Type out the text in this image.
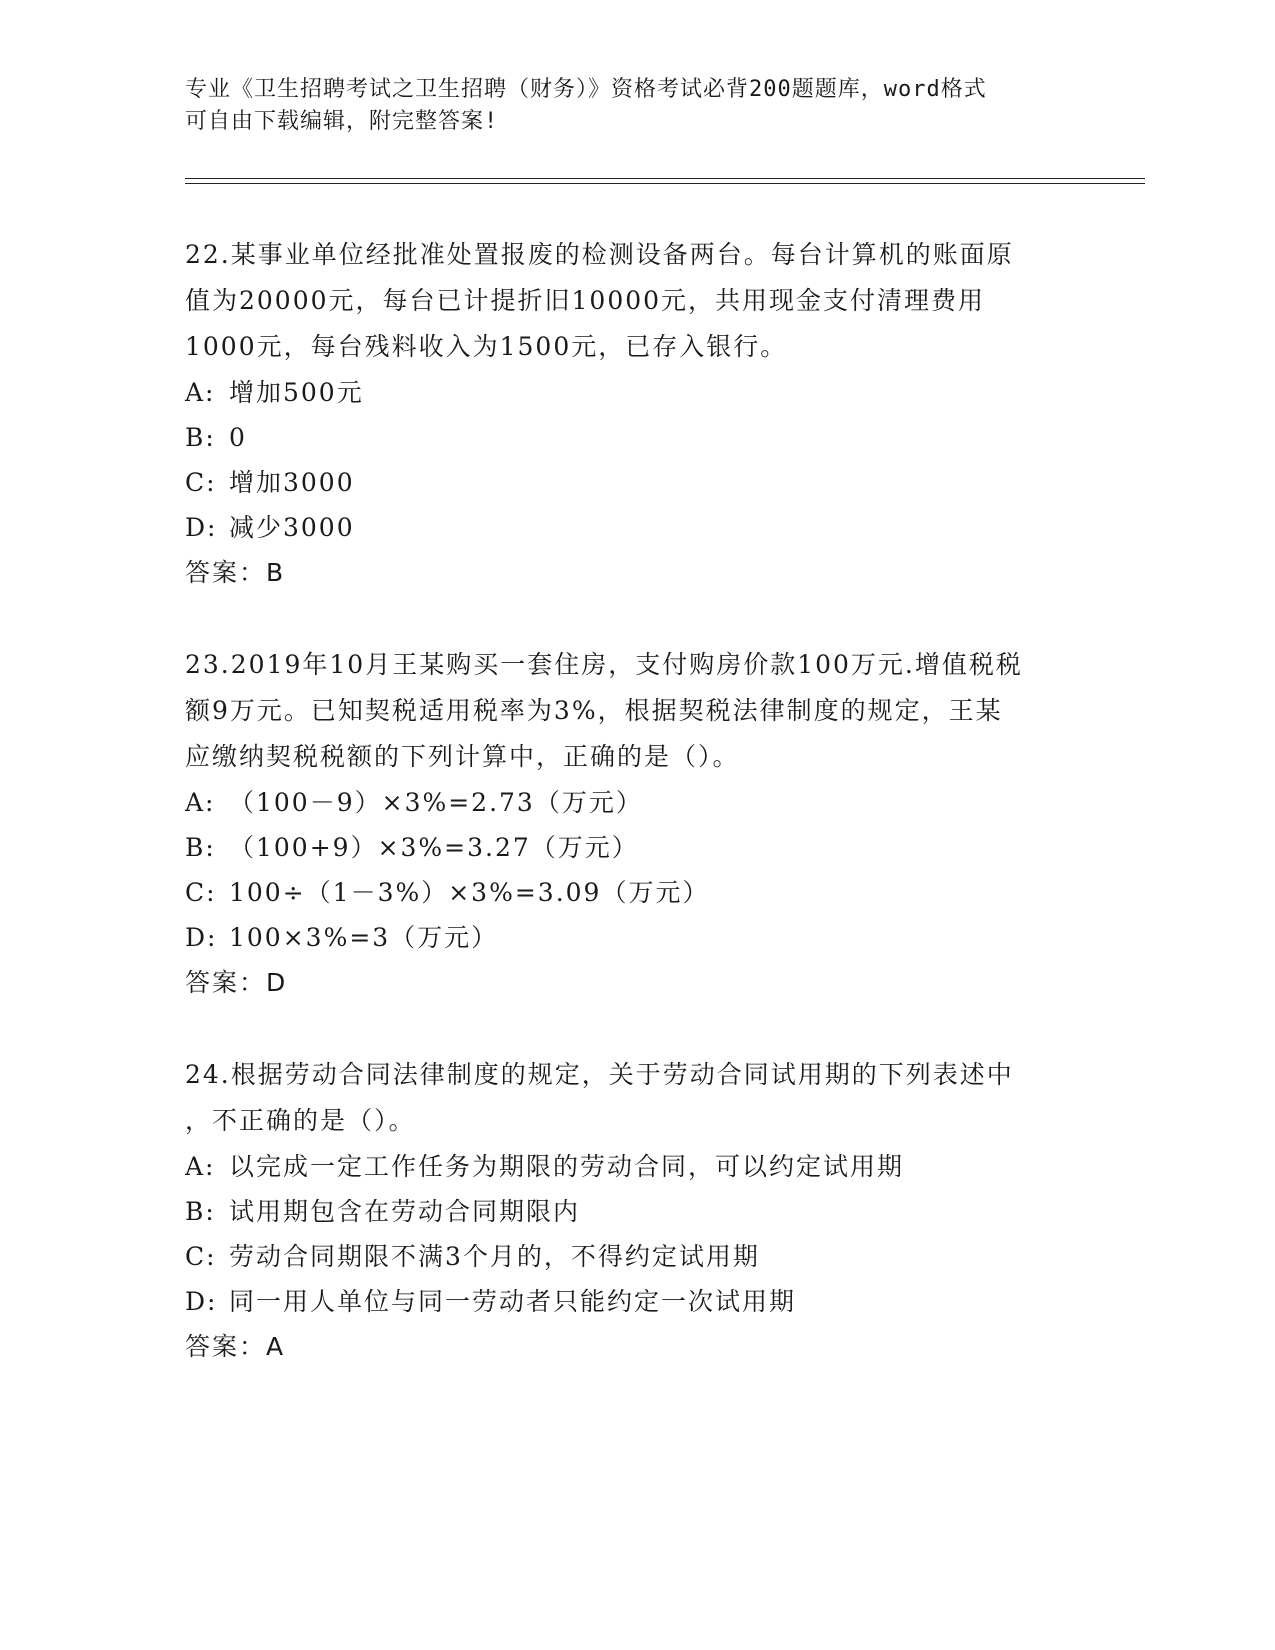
专业《卫生招聘考试之卫生招聘（财务）》资格考试必背200题题库，word格式
可自由下载编辑，附完整答案!
22.某事业单位经批准处置报废的检测设备两台。每台计算机的账面原
值为20000元，每台已计提折旧10000元，共用现金支付清理费用
1000元，每台残料收入为1500元，已存入银行。
A: 增加500元
B: 0
C: 增加3000
D: 减少3000
答案：B
23.2019年10月王某购买一套住房，支付购房价款100万元.增值税税
额9万元。已知契税适用税率为3%，根据契税法律制度的规定，王某
应缴纳契税税额的下列计算中，正确的是（）。
A: （100－9）×3%=2.73（万元）
B: （100+9）×3%=3.27（万元）
C: 100÷（1－3%）×3%=3.09（万元）
D: 100×3%=3（万元）
答案：D
24.根据劳动合同法律制度的规定，关于劳动合同试用期的下列表述中
，不正确的是（）。
A: 以完成一定工作任务为期限的劳动合同，可以约定试用期
B: 试用期包含在劳动合同期限内
C: 劳动合同期限不满3个月的，不得约定试用期
D: 同一用人单位与同一劳动者只能约定一次试用期
答案：A
